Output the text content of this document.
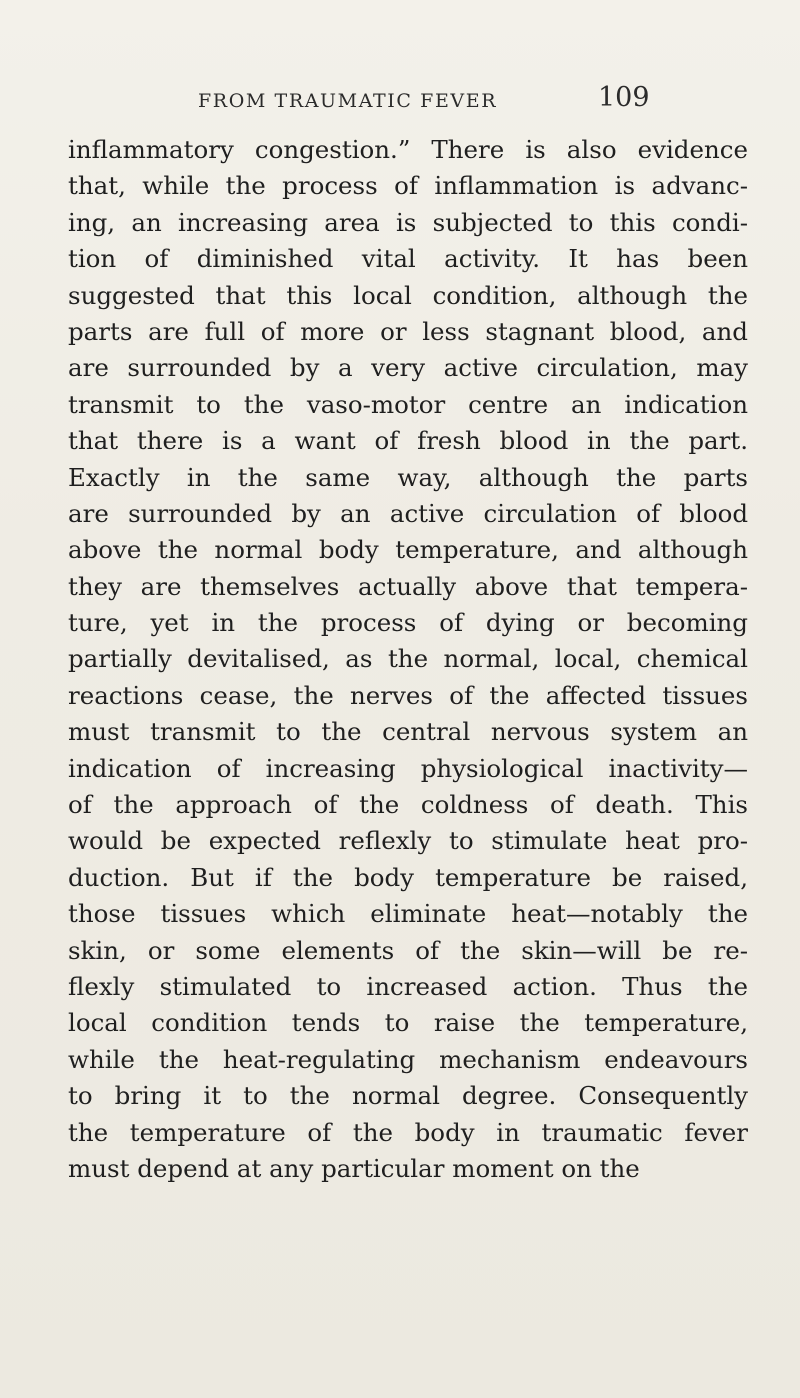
FROM TRAUMATIC FEVER	109
inflammatory congestion.” There is also evidence
that, while the process of inflammation is advanc-
ing, an increasing area is subjected to this condi-
tion of diminished vital activity. It has been
suggested that this local condition, although the
parts are full of more or less stagnant blood, and
are surrounded by a very active circulation, may
transmit to the vaso-motor centre an indication
that there is a want of fresh blood in the part.
Exactly in the same way, although the parts
are surrounded by an active circulation of blood
above the normal body temperature, and although
they are themselves actually above that tempera-
ture, yet in the process of dying or becoming
partially devitalised, as the normal, local, chemical
reactions cease, the nerves of the affected tissues
must transmit to the central nervous system an
indication of increasing physiological inactivity—
of the approach of the coldness of death. This
would be expected reflexly to stimulate heat pro-
duction. But if the body temperature be raised,
those tissues which eliminate heat—notably the
skin, or some elements of the skin—will be re-
flexly stimulated to increased action. Thus the
local condition tends to raise the temperature,
while the heat-regulating mechanism endeavours
to bring it to the normal degree. Consequently
the temperature of the body in traumatic fever
must depend at any particular moment on the
